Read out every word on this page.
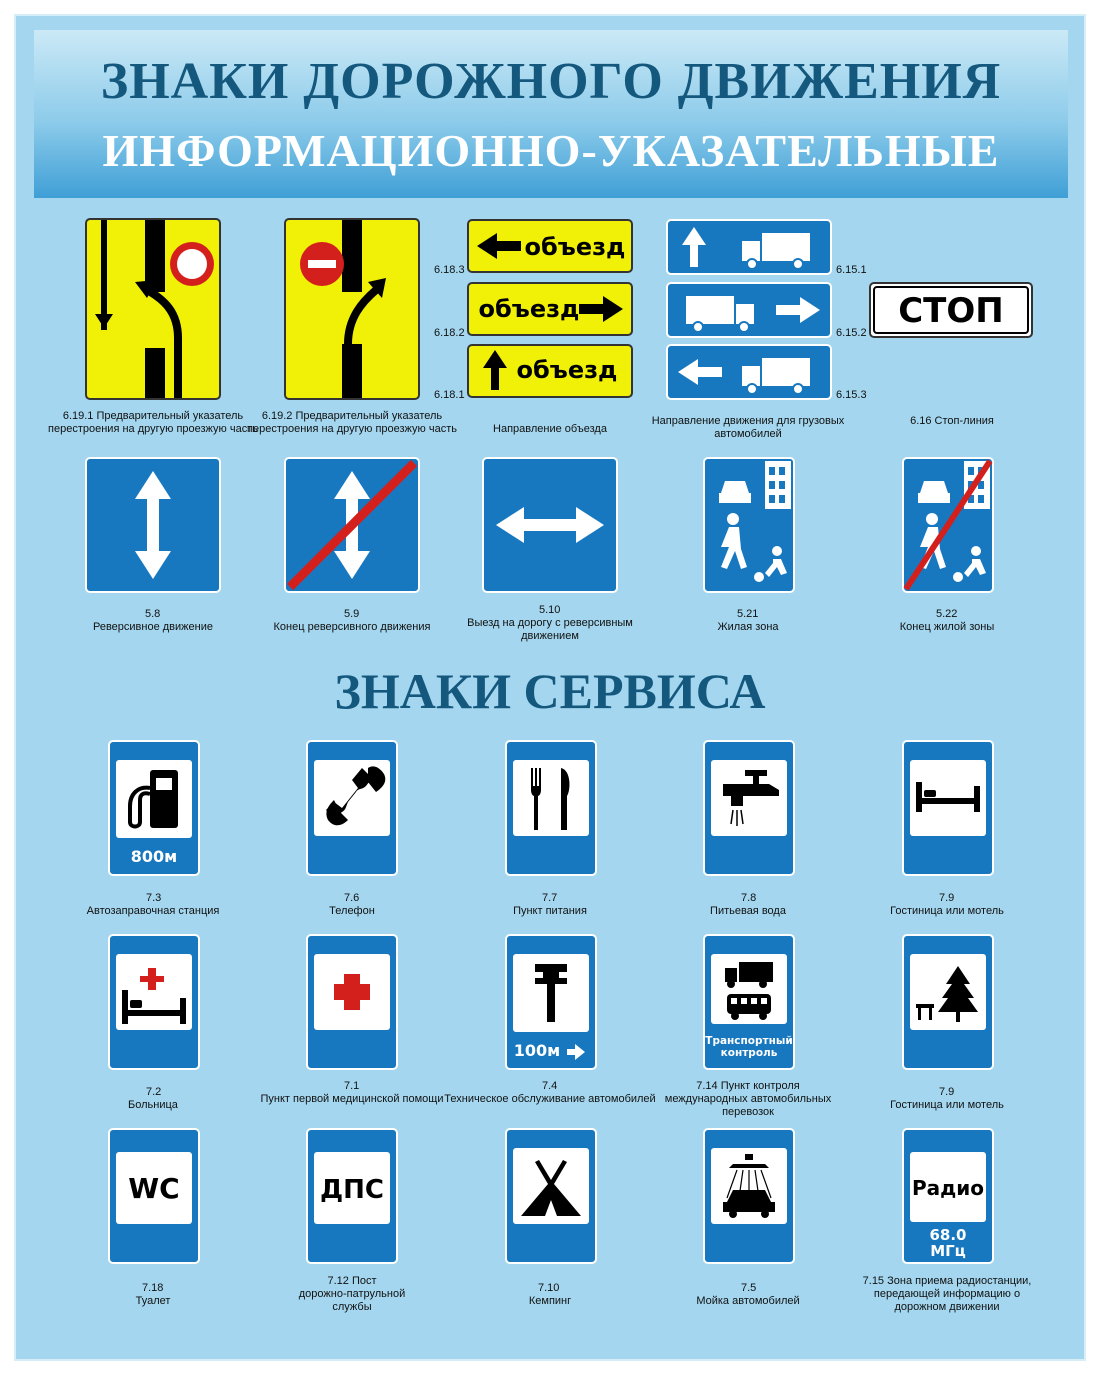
ЗНАКИ ДОРОЖНОГО ДВИЖЕНИЯ
ИНФОРМАЦИОННО-УКАЗАТЕЛЬНЫЕ
6.19.1 Предварительный указатель перестроения на другую проезжую часть
6.19.2 Предварительный указатель перестроения на другую проезжую часть
объезд
объезд
объезд
6.18.3
6.18.2
6.18.1
Направление объезда
6.15.1
6.15.2
6.15.3
Направление движения для грузовых автомобилей
СТОП
6.16 Стоп-линия
5.8
Реверсивное движение
5.9
Конец реверсивного движения
5.10
Выезд на дорогу с реверсивным движением
5.21
Жилая зона
5.22
Конец жилой зоны
ЗНАКИ СЕРВИСА
800м
7.3
Автозаправочная станция
7.6
Телефон
7.7
Пункт питания
7.8
Питьевая вода
7.9
Гостиница или мотель
7.2
Больница
7.1
Пункт первой медицинской помощи
100м
7.4
Техническое обслуживание автомобилей
Транспортный
контроль
7.14 Пункт контроля
международных автомобильных перевозок
7.9
Гостиница или мотель
WC
7.18
Туалет
ДПС
7.12 Пост
дорожно-патрульной службы
7.10
Кемпинг
7.5
Мойка автомобилей
Радио
68.0
МГц
7.15 Зона приема радиостанции,
передающей информацию о дорожном движении
